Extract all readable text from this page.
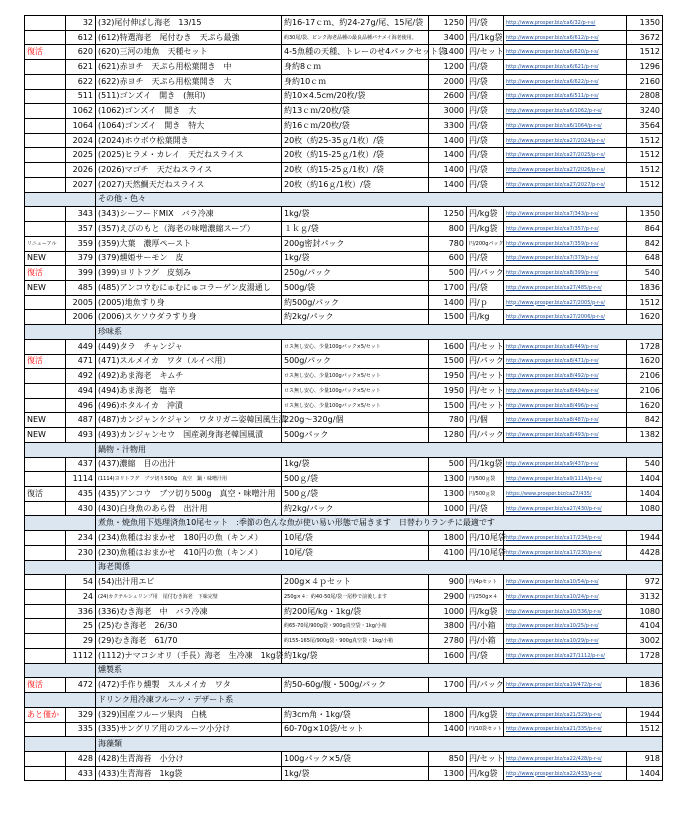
	32	(32)尾付伸ばし海老　13/15	約16-17ｃｍ、約24-27g/尾、15尾/袋	1250	円/袋	http://www.prosper.biz/ca6/32/p-r-s/	1350
	612	(612)特選海老　尾付むき　天ぷら最強	約30尾/袋、ピンク海老品種の最良品種パナメイ海老使用。	3400	円/1kg袋	http://www.prosper.biz/ca6/612/p-r-s/	3672
復活	620	(620)三河の地魚　天種セット	4-5魚種の天種、トレーのせ4パックセット袋	1400	円/セット	http://www.prosper.biz/ca6/620/p-r-s/	1512
	621	(621)赤ヨチ　天ぷら用松葉開き　中	身約8ｃｍ	1200	円/袋	http://www.prosper.biz/ca6/621/p-r-s/	1296
	622	(622)赤ヨチ　天ぷら用松葉開き　大	身約10ｃｍ	2000	円/袋	http://www.prosper.biz/ca6/622/p-r-s/	2160
	511	(511)ゴンズイ　開き　(無印)	約10×4.5cm/20枚/袋	2600	円/袋	http://www.prosper.biz/ca6/511/p-r-s/	2808
	1062	(1062)ゴンズイ　開き　大	約13ｃｍ/20枚/袋	3000	円/袋	http://www.prosper.biz/ca6/1062/p-r-s/	3240
	1064	(1064)ゴンズイ　開き　特大	約16ｃｍ/20枚/袋	3300	円/袋	http://www.prosper.biz/ca6/1064/p-r-s/	3564
	2024	(2024)ホウボウ松葉開き	20枚（約25-35ｇ/1枚）/袋	1400	円/袋	http://www.prosper.biz/ca27/2024/p-r-s/	1512
	2025	(2025)ヒラメ・カレイ　天だねスライス	20枚（約15-25ｇ/1枚）/袋	1400	円/袋	http://www.prosper.biz/ca27/2025/p-r-s/	1512
	2026	(2026)マゴチ　天だねスライス	20枚（約15-25ｇ/1枚）/袋	1400	円/袋	http://www.prosper.biz/ca27/2026/p-r-s/	1512
	2027	(2027)天然鯛天だねスライス	20枚（約16ｇ/1枚）/袋	1400	円/袋	http://www.prosper.biz/ca27/2027/p-r-s/	1512
		その他・色々					
	343	(343)シーフードMIX　バラ冷凍	1kg/袋	1250	円/kg袋	http://www.prosper.biz/ca7/343/p-r-s/	1350
	357	(357)えびのもと（海老の味噌濃縮スープ）	１ｋｇ/袋	800	円/kg袋	http://www.prosper.biz/ca7/357/p-r-s/	864
リニューアル	359	(359)大葉　濃厚ペースト	200g密封パック	780	円/200gパック	http://www.prosper.biz/ca7/359/p-r-s/	842
NEW	379	(379)燻姫サーモン　皮	1kg/袋	600	円/袋	http://www.prosper.biz/ca7/379/p-r-s/	648
復活	399	(399)ヨリトフグ　皮刻み	250g/パック	500	円/パック	http://www.prosper.biz/ca8/399/p-r-s/	540
NEW	485	(485)アンコウむにゅむにゅコラーゲン皮湯通し	500g/袋	1700	円/袋	http://www.prosper.biz/ca27/485/p-r-s/	1836
	2005	(2005)地魚すり身	約500g/パック	1400	円/ｐ	http://www.prosper.biz/ca27/2005/p-r-s/	1512
	2006	(2006)スケソウダラすり身	約2kg/パック	1500	円/kg	http://www.prosper.biz/ca27/2006/p-r-s/	1620
		珍味系					
	449	(449)タラ　チャンジャ	ロス無し安心、少量100gパック×5/セット	1600	円/セット	http://www.prosper.biz/ca8/449/p-r-s/	1728
復活	471	(471)スルメイカ　ワタ（ルイベ用）	500g/パック	1500	円/パック	http://www.prosper.biz/ca8/471/p-r-s/	1620
	492	(492)あま海老　キムチ	ロス無し安心、少量100gパック×5/セット	1950	円/セット	http://www.prosper.biz/ca8/492/p-r-s/	2106
	494	(494)あま海老　塩辛	ロス無し安心、少量100gパック×5/セット	1950	円/セット	http://www.prosper.biz/ca8/494/p-r-s/	2106
	496	(496)ホタルイカ　沖漬	ロス無し安心、少量100gパック×5/セット	1500	円/セット	http://www.prosper.biz/ca8/496/p-r-s/	1620
NEW	487	(487)カンジャンケジャン　ワタリガニ姿韓国風生漬	220g～320g/個	780	円/個	http://www.prosper.biz/ca8/487/p-r-s/	842
NEW	493	(493)カンジャンセウ　国産剥身海老韓国風漬	500gパック	1280	円/パック	http://www.prosper.biz/ca8/493/p-r-s/	1382
		鍋物・汁物用					
	437	(437)濃縮　目の出汁	1kg/袋	500	円/1kg袋	http://www.prosper.biz/ca9/437/p-r-s/	540
	1114	(1114)ヨリトフグ　ブツ切り500g　真空　鍋・味噌汁用	500ｇ/袋	1300	円/500ｇ袋	http://www.prosper.biz/ca9/1114/p-r-s/	1404
復活	435	(435)アンコウ　ブツ切り500g　真空・味噌汁用	500ｇ/袋	1300	円/500ｇ袋	https://www.prosper.biz/ca27/435/	1404
	430	(430)白身魚のあら骨　出汁用	約2kg/パック	1000	円/袋	http://www.prosper.biz/ca27/430/p-r-s/	1080
		煮魚・焼魚用下処理済魚10尾セット　:季節の色んな魚が使い易い形態で届きます　日替わりランチに最適です					
	234	(234)魚種はおまかせ　180円の魚（キンメ）	10尾/袋	1800	円/10尾袋	http://www.prosper.biz/ca17/234/p-r-s/	1944
	230	(230)魚種はおまかせ　410円の魚（キンメ）	10尾/袋	4100	円/10尾袋	http://www.prosper.biz/ca17/230/p-r-s/	4428
		海老関係					
	54	(54)出汁用エビ	200g×４ｐセット	900	円/4pセット	http://www.prosper.biz/ca10/54/p-r-s/	972
	24	(24)カクテルシュリンプ用　尾付むき海老　下味完璧	250g×４：約40-50尾/袋一尾秒で前後します	2900	円/250g×４	http://www.prosper.biz/ca10/24/p-r-s/	3132
	336	(336)むき海老　中　バラ冷凍	約200尾/kg・1kg/袋	1000	円/kg袋	http://www.prosper.biz/ca10/336/p-r-s/	1080
	25	(25)むき海老　26/30	約65-70尾/900g袋・900g真空袋・1kg/小箱	3800	円/小箱	http://www.prosper.biz/ca10/25/p-r-s/	4104
	29	(29)むき海老　61/70	約155-165尾/900g袋・900g真空袋・1kg/小箱	2780	円/小箱	http://www.prosper.biz/ca10/29/p-r-s/	3002
	1112	(1112)ナマコシオリ（手長）海老　生冷凍　1kg袋	約1kg/袋	1600	円/袋	http://www.prosper.biz/ca27/1112/p-r-s/	1728
		燻製系					
復活	472	(472)手作り燻製　スルメイカ　ワタ	約50-60g/腹・500g/パック	1700	円/パック	http://www.prosper.biz/ca19/472/p-r-s/	1836
		ドリンク用冷凍フルーツ・デザート系					
あと僅か	329	(329)国産フルーツ果肉　白桃	約3cm角・1kg/袋	1800	円/kg袋	http://www.prosper.biz/ca21/329/p-r-s/	1944
	335	(335)サングリア用のフルーツ小分け	60-70g×10袋/セット	1400	円/10袋セット	http://www.prosper.biz/ca21/335/p-r-s/	1512
		海藻類					
	428	(428)生青海苔　小分け	100gパック×5/袋	850	円/セット	http://www.prosper.biz/ca22/428/p-r-s/	918
	433	(433)生青海苔　1kg袋	1kg/袋	1300	円/kg袋	http://www.prosper.biz/ca22/433/p-r-s/	1404
